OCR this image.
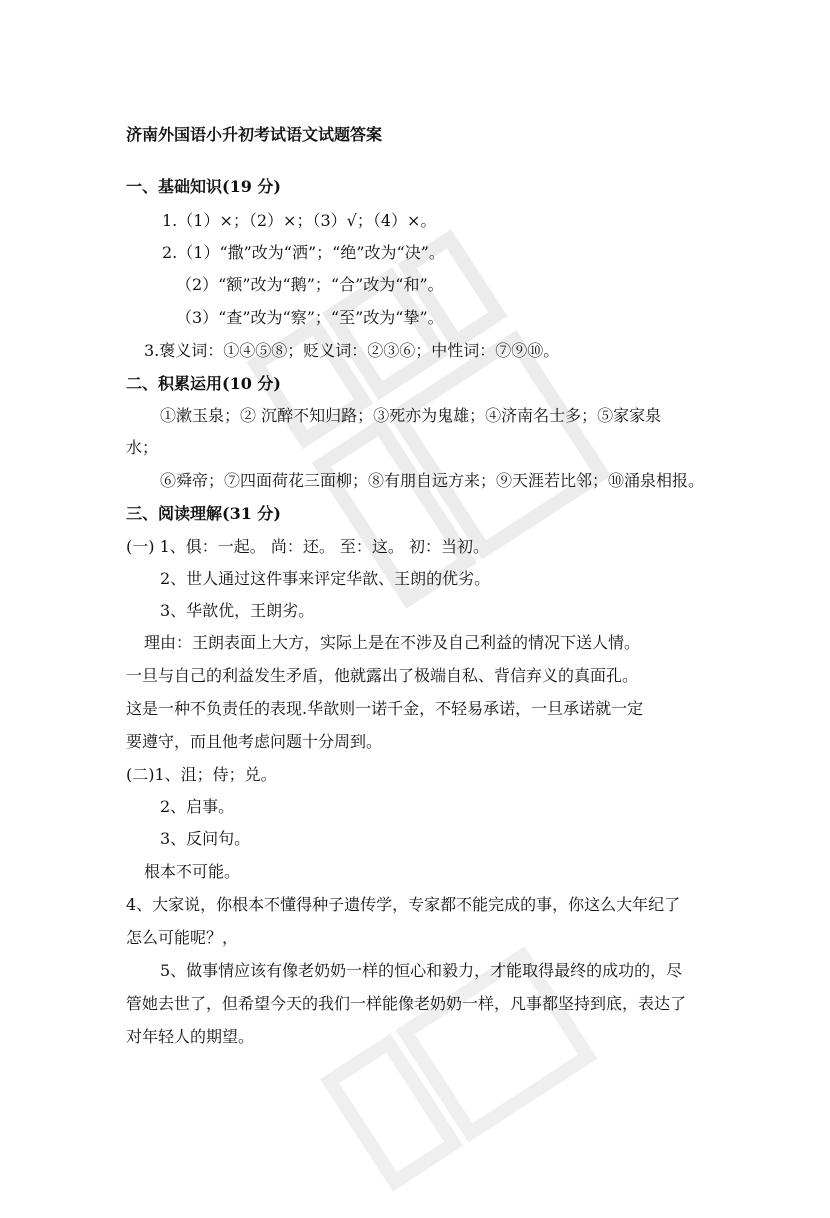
济南外国语小升初考试语文试题答案
一、基础知识(19 分)
1.（1）×；（2）×；（3）√；（4）×。
2.（1）“撒”改为“洒”；“绝”改为“决”。
（2）“额”改为“鹅”；“合”改为“和”。
（3）“查”改为“察”；“至”改为“挚”。
3.褒义词：①④⑤⑧；贬义词：②③⑥；中性词：⑦⑨⑩。
二、积累运用(10 分)
①漱玉泉；② 沉醉不知归路；③死亦为鬼雄；④济南名士多；⑤家家泉
水；
⑥舜帝；⑦四面荷花三面柳；⑧有朋自远方来；⑨天涯若比邻；⑩涌泉相报。
三、阅读理解(31 分)
(一) 1、俱：一起。 尚：还。 至：这。 初：当初。
2、世人通过这件事来评定华歆、王朗的优劣。
3、华歆优，王朗劣。
理由：王朗表面上大方，实际上是在不涉及自己利益的情况下送人情。
一旦与自己的利益发生矛盾，他就露出了极端自私、背信弃义的真面孔。
这是一种不负责任的表现.华歆则一诺千金，不轻易承诺，一旦承诺就一定
要遵守，而且他考虑问题十分周到。
(二)1、沮；侍；兑。
2、启事。
3、反问句。
根本不可能。
4、大家说，你根本不懂得种子遗传学，专家都不能完成的事，你这么大年纪了
怎么可能呢？，
5、做事情应该有像老奶奶一样的恒心和毅力，才能取得最终的成功的，尽
管她去世了，但希望今天的我们一样能像老奶奶一样，凡事都坚持到底，表达了
对年轻人的期望。
